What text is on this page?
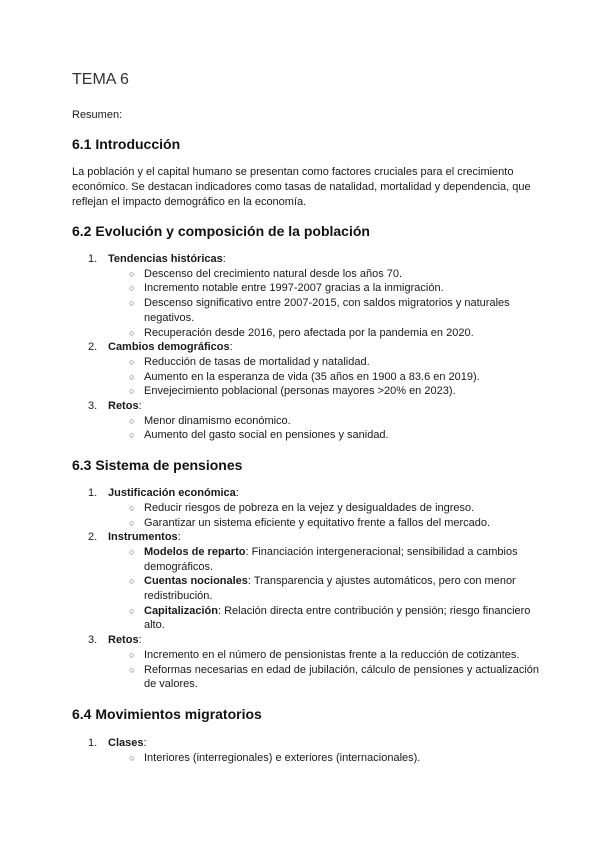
TEMA 6
Resumen:
6.1 Introducción
La población y el capital humano se presentan como factores cruciales para el crecimiento económico. Se destacan indicadores como tasas de natalidad, mortalidad y dependencia, que reflejan el impacto demográfico en la economía.
6.2 Evolución y composición de la población
1. Tendencias históricas:
○ Descenso del crecimiento natural desde los años 70.
○ Incremento notable entre 1997-2007 gracias a la inmigración.
○ Descenso significativo entre 2007-2015, con saldos migratorios y naturales negativos.
○ Recuperación desde 2016, pero afectada por la pandemia en 2020.
2. Cambios demográficos:
○ Reducción de tasas de mortalidad y natalidad.
○ Aumento en la esperanza de vida (35 años en 1900 a 83.6 en 2019).
○ Envejecimiento poblacional (personas mayores >20% en 2023).
3. Retos:
○ Menor dinamismo económico.
○ Aumento del gasto social en pensiones y sanidad.
6.3 Sistema de pensiones
1. Justificación económica:
○ Reducir riesgos de pobreza en la vejez y desigualdades de ingreso.
○ Garantizar un sistema eficiente y equitativo frente a fallos del mercado.
2. Instrumentos:
○ Modelos de reparto: Financiación intergeneracional; sensibilidad a cambios demográficos.
○ Cuentas nocionales: Transparencia y ajustes automáticos, pero con menor redistribución.
○ Capitalización: Relación directa entre contribución y pensión; riesgo financiero alto.
3. Retos:
○ Incremento en el número de pensionistas frente a la reducción de cotizantes.
○ Reformas necesarias en edad de jubilación, cálculo de pensiones y actualización de valores.
6.4 Movimientos migratorios
1. Clases:
○ Interiores (interregionales) e exteriores (internacionales).
